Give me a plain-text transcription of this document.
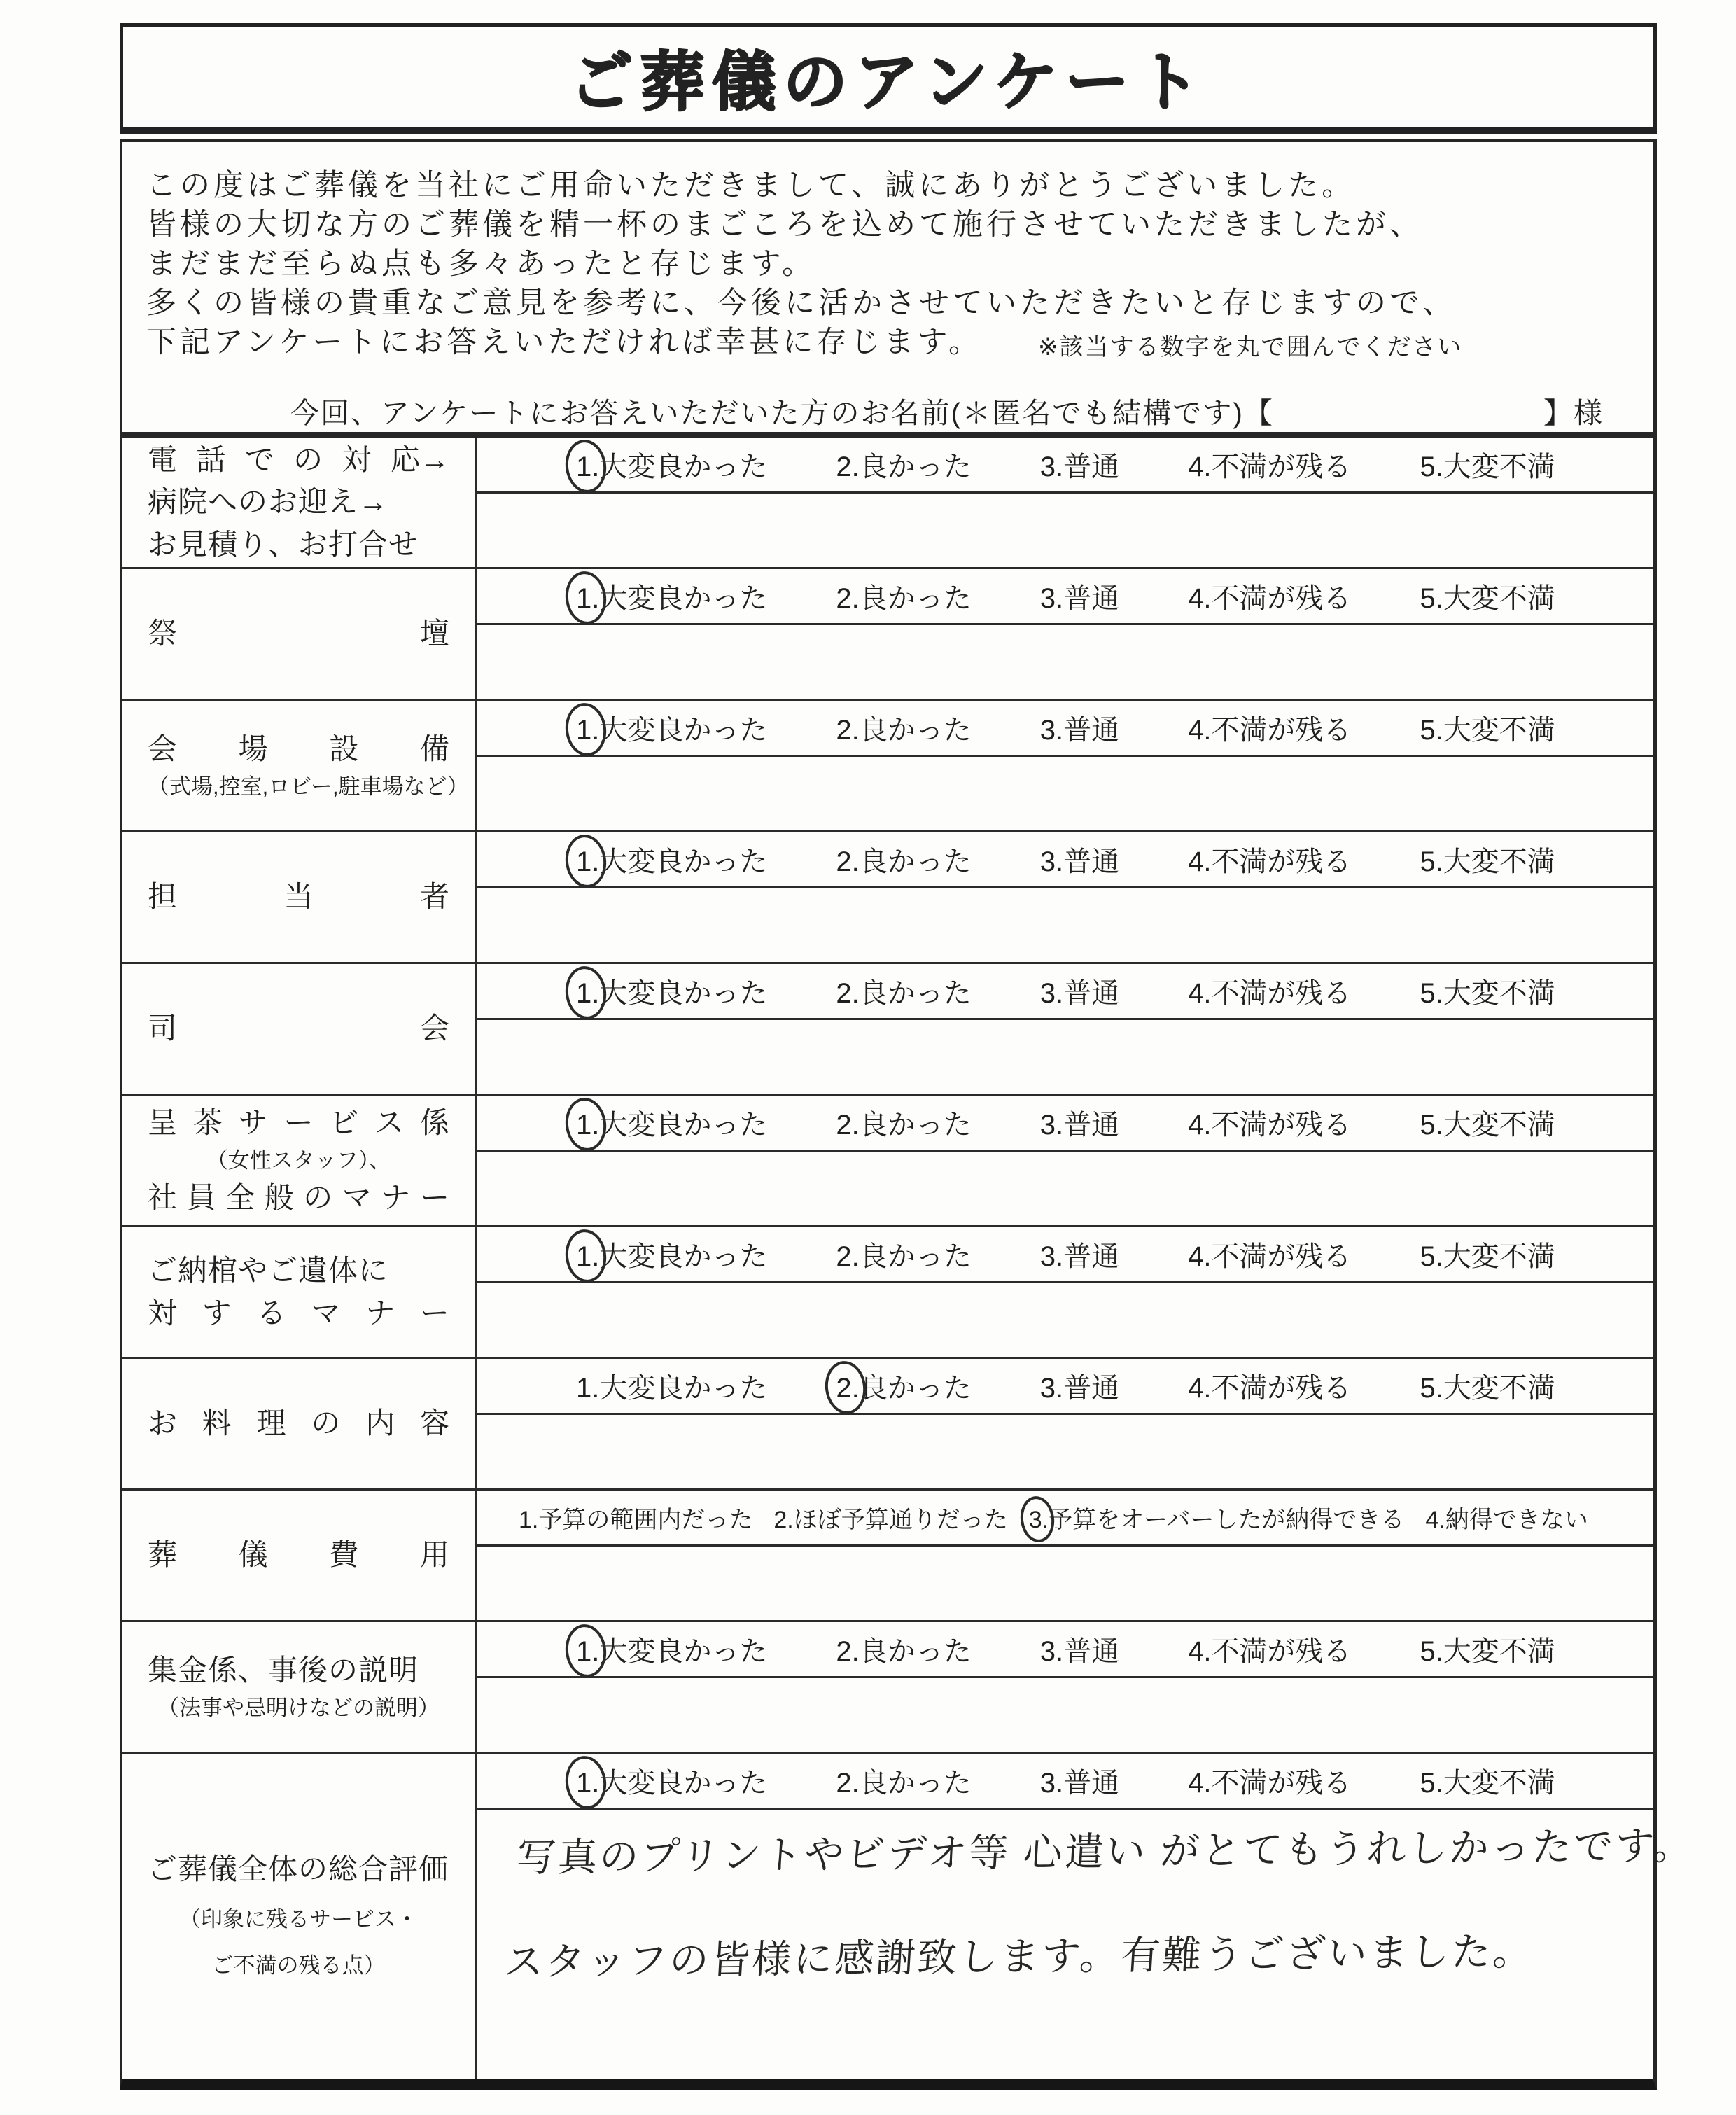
ご葬儀のアンケート

この度はご葬儀を当社にご用命いただきまして、誠にありがとうございました。

皆様の大切な方のご葬儀を精一杯のまごころを込めて施行させていただきましたが、

まだまだ至らぬ点も多々あったと存じます。

多くの皆様の貴重なご意見を参考に、今後に活かさせていただきたいと存じますので、

下記アンケートにお答えいただければ幸甚に存じます。 ※該当する数字を丸で囲んでください
今回、アンケートにお答えいただいた方のお名前(＊匿名でも結構です)【	】様
電 話 で の 対 応→
病院へのお迎え→
お見積り、お打合せ
1. 大変良かった 2. 良かった 3. 普通 4. 不満が残る 5. 大変不満
祭	壇
1. 大変良かった 2. 良かった 3. 普通 4. 不満が残る 5. 大変不満
会 場 設 備
（式場,控室,ロビー,駐車場など）
1. 大変良かった 2. 良かった 3. 普通 4. 不満が残る 5. 大変不満
担	当	者
1. 大変良かった 2. 良かった 3. 普通 4. 不満が残る 5. 大変不満
司	会
1. 大変良かった 2. 良かった 3. 普通 4. 不満が残る 5. 大変不満
呈 茶 サ ー ビ ス 係
（女性スタッフ）、
社 員 全 般 の マ ナ ー
1. 大変良かった 2. 良かった 3. 普通 4. 不満が残る 5. 大変不満
ご納棺やご遺体に
対 す る マ ナ ー
1. 大変良かった 2. 良かった 3. 普通 4. 不満が残る 5. 大変不満
お 料 理 の 内 容
1. 大変良かった 2. 良かった 3. 普通 4. 不満が残る 5. 大変不満
葬 儀 費 用
1. 予算の範囲内だった 2. ほぼ予算通りだった 3. 予算をオーバーしたが納得できる 4. 納得できない
集金係、事後の説明
（法事や忌明けなどの説明）
1. 大変良かった 2. 良かった 3. 普通 4. 不満が残る 5. 大変不満
ご葬儀全体の総合評価
（印象に残るサービス・
ご不満の残る点）
1. 大変良かった 2. 良かった 3. 普通 4. 不満が残る 5. 大変不満
写真のプリントやビデオ等 心遣い がとてもうれしかったです。
スタッフの皆様に感謝致します。有難うございました。
